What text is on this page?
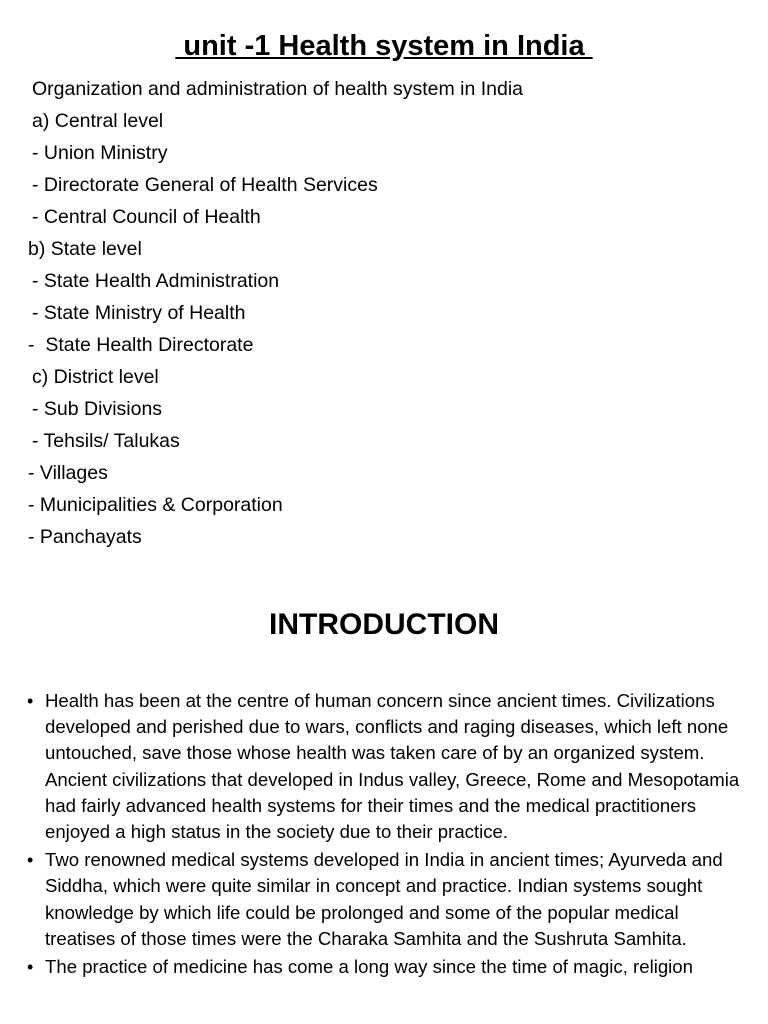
unit -1 Health system in India
Organization and administration of health system in India
a) Central level
- Union Ministry
- Directorate General of Health Services
- Central Council of Health
b) State level
- State Health Administration
- State Ministry of Health
-  State Health Directorate
c) District level
- Sub Divisions
- Tehsils/ Talukas
- Villages
- Municipalities & Corporation
- Panchayats
INTRODUCTION
• Health has been at the centre of human concern since ancient times. Civilizations developed and perished due to wars, conflicts and raging diseases, which left none untouched, save those whose health was taken care of by an organized system. Ancient civilizations that developed in Indus valley, Greece, Rome and Mesopotamia had fairly advanced health systems for their times and the medical practitioners enjoyed a high status in the society due to their practice.
• Two renowned medical systems developed in India in ancient times; Ayurveda and Siddha, which were quite similar in concept and practice. Indian systems sought knowledge by which life could be prolonged and some of the popular medical treatises of those times were the Charaka Samhita and the Sushruta Samhita.
• The practice of medicine has come a long way since the time of magic, religion
